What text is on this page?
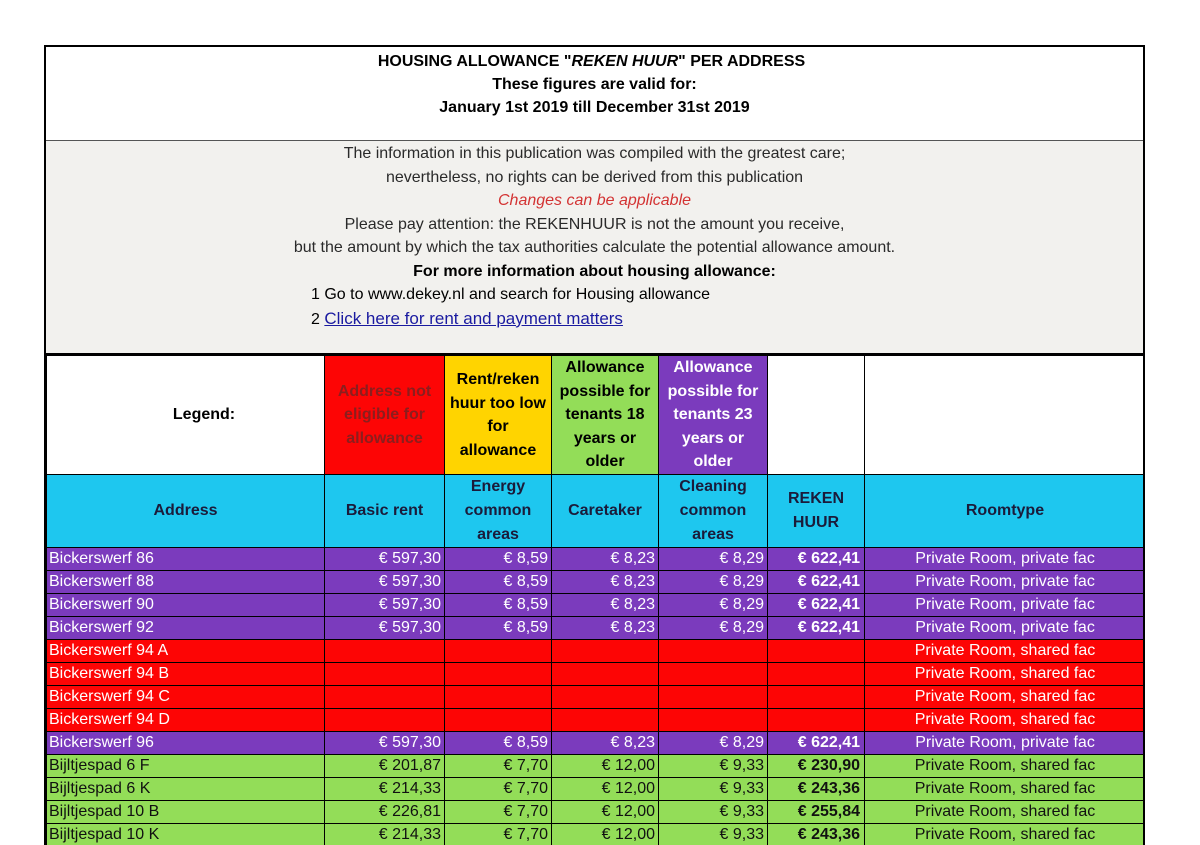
HOUSING ALLOWANCE "REKEN HUUR" PER ADDRESS
These figures are valid for:
January 1st 2019 till December 31st 2019
The information in this publication was compiled with the greatest care;
nevertheless, no rights can be derived from this publication
Changes can be applicable
Please pay attention: the REKENHUUR is not the amount you receive,
but the amount by which the tax authorities calculate the potential allowance amount.
For more information about housing allowance:
1 Go to www.dekey.nl and search for Housing allowance
2 Click here for rent and payment matters
Legend:	Address not eligible for allowance	Rent/reken huur too low for allowance	Allowance possible for tenants 18 years or older	Allowance possible for tenants 23 years or older		
Address	Basic rent	Energy common areas	Caretaker	Cleaning common areas	REKEN HUUR	Roomtype
Bickerswerf 86	€ 597,30	€ 8,59	€ 8,23	€ 8,29	€ 622,41	Private Room, private fac
Bickerswerf 88	€ 597,30	€ 8,59	€ 8,23	€ 8,29	€ 622,41	Private Room, private fac
Bickerswerf 90	€ 597,30	€ 8,59	€ 8,23	€ 8,29	€ 622,41	Private Room, private fac
Bickerswerf 92	€ 597,30	€ 8,59	€ 8,23	€ 8,29	€ 622,41	Private Room, private fac
Bickerswerf 94 A						Private Room, shared fac
Bickerswerf 94 B						Private Room, shared fac
Bickerswerf 94 C						Private Room, shared fac
Bickerswerf 94 D						Private Room, shared fac
Bickerswerf 96	€ 597,30	€ 8,59	€ 8,23	€ 8,29	€ 622,41	Private Room, private fac
Bijltjespad 6 F	€ 201,87	€ 7,70	€ 12,00	€ 9,33	€ 230,90	Private Room, shared fac
Bijltjespad 6 K	€ 214,33	€ 7,70	€ 12,00	€ 9,33	€ 243,36	Private Room, shared fac
Bijltjespad 10 B	€ 226,81	€ 7,70	€ 12,00	€ 9,33	€ 255,84	Private Room, shared fac
Bijltjespad 10 K	€ 214,33	€ 7,70	€ 12,00	€ 9,33	€ 243,36	Private Room, shared fac
